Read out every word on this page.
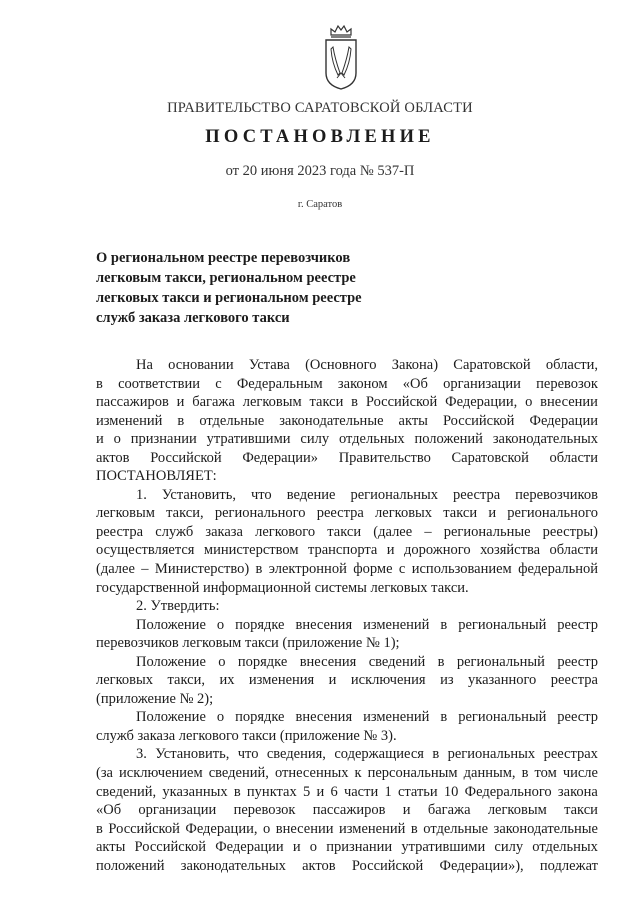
ПРАВИТЕЛЬСТВО САРАТОВСКОЙ ОБЛАСТИ
ПОСТАНОВЛЕНИЕ
от 20 июня 2023 года № 537-П
г. Саратов
О региональном реестре перевозчиков
легковым такси, региональном реестре
легковых такси и региональном реестре
служб заказа легкового такси
На основании Устава (Основного Закона) Саратовской области,
в соответствии с Федеральным законом «Об организации перевозок
пассажиров и багажа легковым такси в Российской Федерации, о внесении
изменений в отдельные законодательные акты Российской Федерации
и о признании утратившими силу отдельных положений законодательных
актов Российской Федерации» Правительство Саратовской области
ПОСТАНОВЛЯЕТ:
1. Установить, что ведение региональных реестра перевозчиков
легковым такси, регионального реестра легковых такси и регионального
реестра служб заказа легкового такси (далее – региональные реестры)
осуществляется министерством транспорта и дорожного хозяйства области
(далее – Министерство) в электронной форме с использованием федеральной
государственной информационной системы легковых такси.
2. Утвердить:
Положение о порядке внесения изменений в региональный реестр
перевозчиков легковым такси (приложение № 1);
Положение о порядке внесения сведений в региональный реестр
легковых такси, их изменения и исключения из указанного реестра
(приложение № 2);
Положение о порядке внесения изменений в региональный реестр
служб заказа легкового такси (приложение № 3).
3. Установить, что сведения, содержащиеся в региональных реестрах
(за исключением сведений, отнесенных к персональным данным, в том числе
сведений, указанных в пунктах 5 и 6 части 1 статьи 10 Федерального закона
«Об организации перевозок пассажиров и багажа легковым такси
в Российской Федерации, о внесении изменений в отдельные законодательные
акты Российской Федерации и о признании утратившими силу отдельных
положений законодательных актов Российской Федерации»), подлежат
